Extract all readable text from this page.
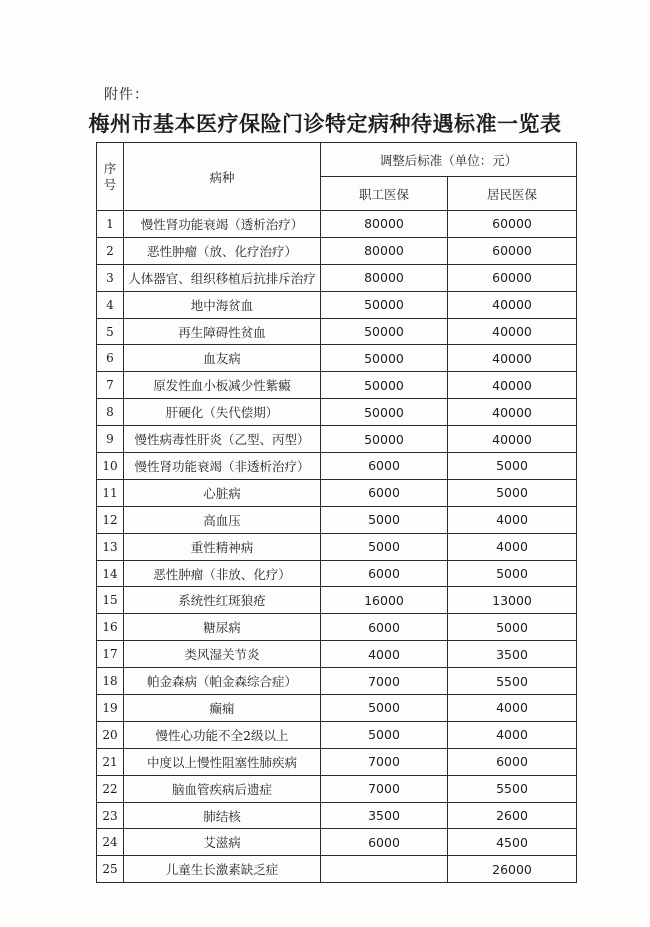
附件：
梅州市基本医疗保险门诊特定病种待遇标准一览表
序号	病种	调整后标准（单位：元）	
		职工医保	居民医保
1	慢性肾功能衰竭（透析治疗）	80000	60000
2	恶性肿瘤（放、化疗治疗）	80000	60000
3	人体器官、组织移植后抗排斥治疗	80000	60000
4	地中海贫血	50000	40000
5	再生障碍性贫血	50000	40000
6	血友病	50000	40000
7	原发性血小板减少性紫癜	50000	40000
8	肝硬化（失代偿期）	50000	40000
9	慢性病毒性肝炎（乙型、丙型）	50000	40000
10	慢性肾功能衰竭（非透析治疗）	6000	5000
11	心脏病	6000	5000
12	高血压	5000	4000
13	重性精神病	5000	4000
14	恶性肿瘤（非放、化疗）	6000	5000
15	系统性红斑狼疮	16000	13000
16	糖尿病	6000	5000
17	类风湿关节炎	4000	3500
18	帕金森病（帕金森综合症）	7000	5500
19	癫痫	5000	4000
20	慢性心功能不全2级以上	5000	4000
21	中度以上慢性阻塞性肺疾病	7000	6000
22	脑血管疾病后遗症	7000	5500
23	肺结核	3500	2600
24	艾滋病	6000	4500
25	儿童生长激素缺乏症		26000
